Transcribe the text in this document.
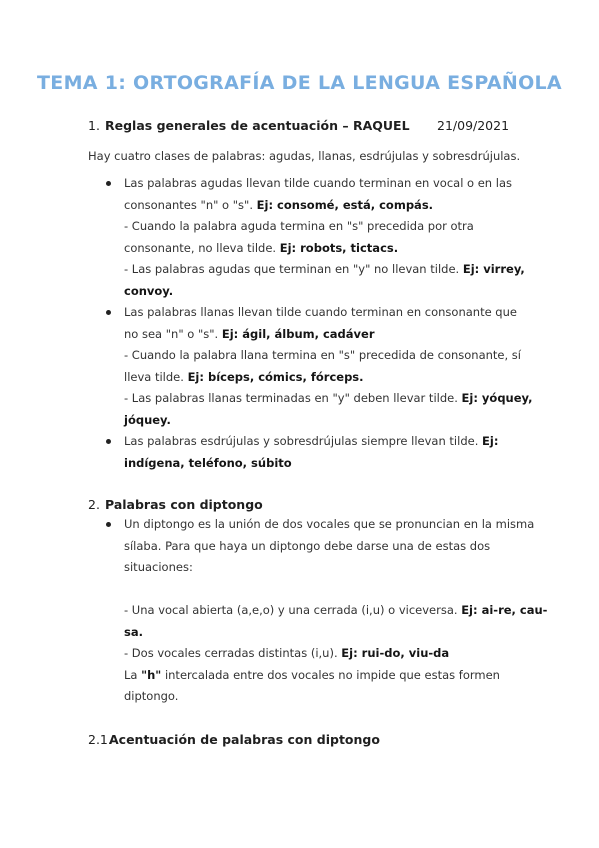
TEMA 1: ORTOGRAFÍA DE LA LENGUA ESPAÑOLA
1. Reglas generales de acentuación – RAQUEL 21/09/2021
Hay cuatro clases de palabras: agudas, llanas, esdrújulas y sobresdrújulas.
Las palabras agudas llevan tilde cuando terminan en vocal o en las
consonantes "n" o "s". Ej: consomé, está, compás.
- Cuando la palabra aguda termina en "s" precedida por otra
consonante, no lleva tilde. Ej: robots, tictacs.
- Las palabras agudas que terminan en "y" no llevan tilde. Ej: virrey,
convoy.
Las palabras llanas llevan tilde cuando terminan en consonante que
no sea "n" o "s". Ej: ágil, álbum, cadáver
- Cuando la palabra llana termina en "s" precedida de consonante, sí
lleva tilde. Ej: bíceps, cómics, fórceps.
- Las palabras llanas terminadas en "y" deben llevar tilde. Ej: yóquey,
jóquey.
Las palabras esdrújulas y sobresdrújulas siempre llevan tilde. Ej:
indígena, teléfono, súbito
2. Palabras con diptongo
Un diptongo es la unión de dos vocales que se pronuncian en la misma
sílaba. Para que haya un diptongo debe darse una de estas dos
situaciones:
- Una vocal abierta (a,e,o) y una cerrada (i,u) o viceversa. Ej: ai-re, cau-
sa.
- Dos vocales cerradas distintas (i,u). Ej: rui-do, viu-da
La "h" intercalada entre dos vocales no impide que estas formen
diptongo.
2.1.
Acentuación de palabras con diptongo
